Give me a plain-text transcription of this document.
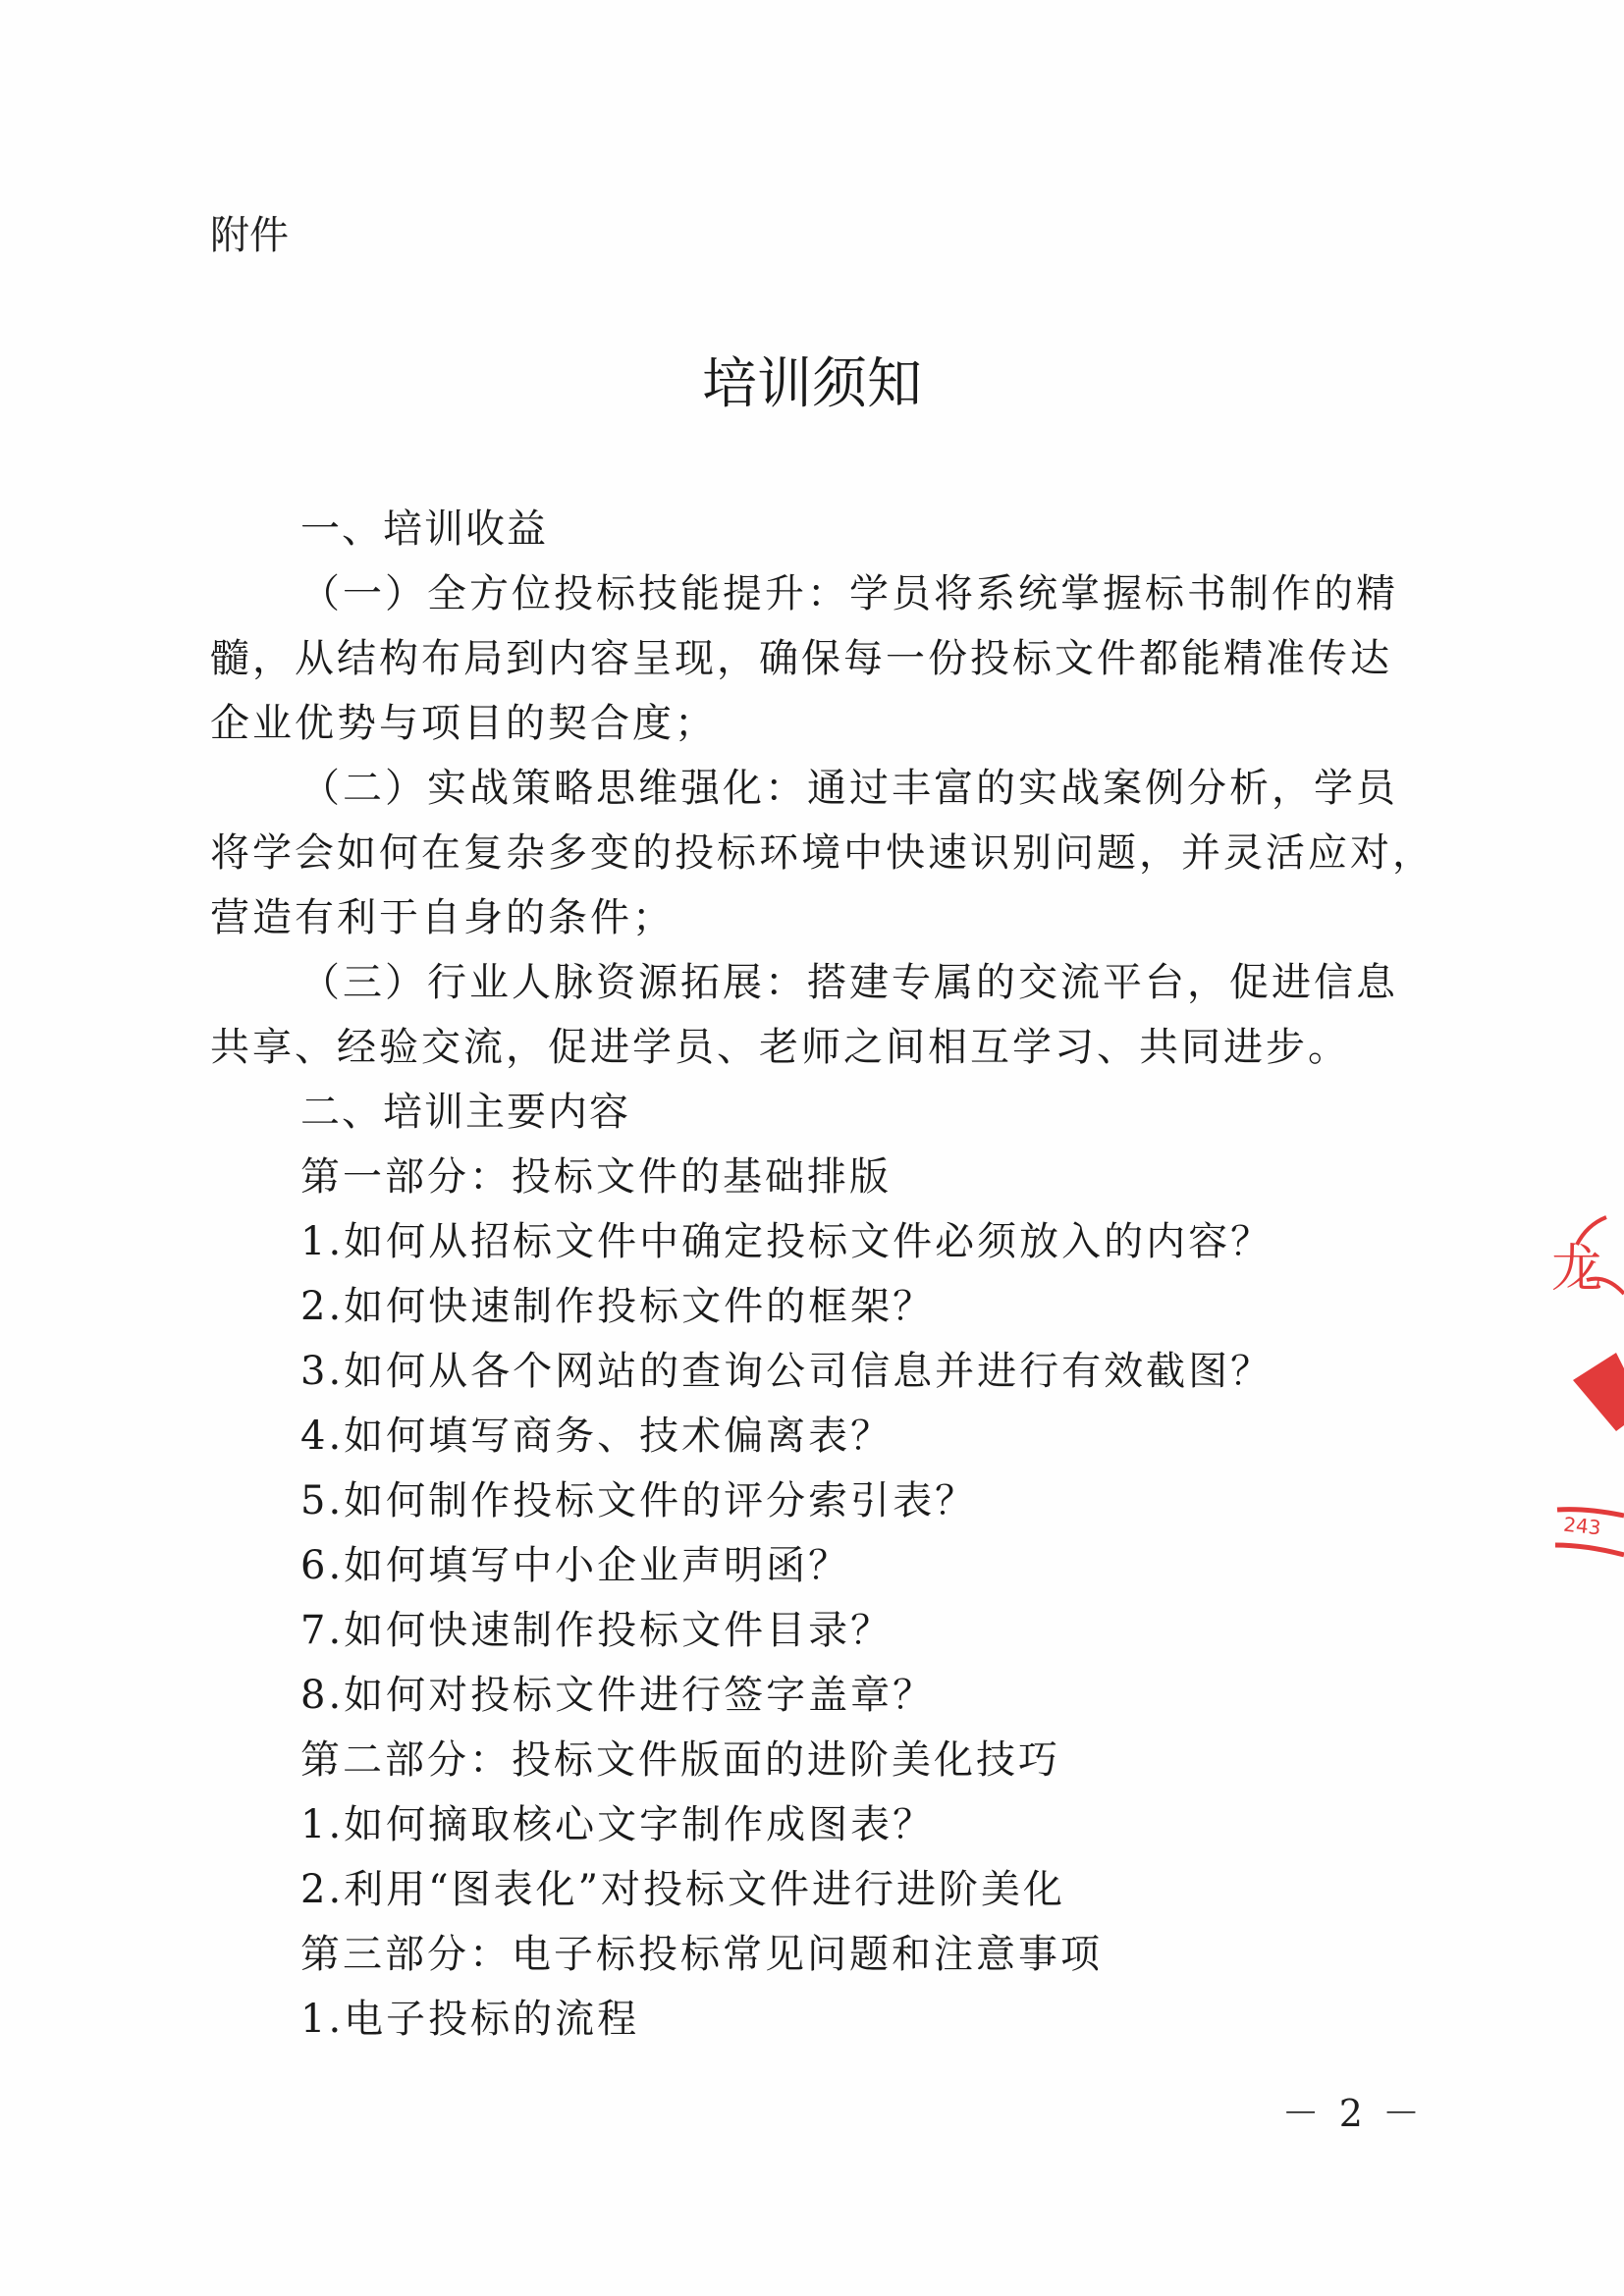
附件
培训须知
一、培训收益
（一）全方位投标技能提升：学员将系统掌握标书制作的精
髓，从结构布局到内容呈现，确保每一份投标文件都能精准传达
企业优势与项目的契合度；
（二）实战策略思维强化：通过丰富的实战案例分析，学员
将学会如何在复杂多变的投标环境中快速识别问题，并灵活应对，
营造有利于自身的条件；
（三）行业人脉资源拓展：搭建专属的交流平台，促进信息
共享、经验交流，促进学员、老师之间相互学习、共同进步。
二、培训主要内容
第一部分：投标文件的基础排版
1.如何从招标文件中确定投标文件必须放入的内容？
2.如何快速制作投标文件的框架？
3.如何从各个网站的查询公司信息并进行有效截图？
4.如何填写商务、技术偏离表？
5.如何制作投标文件的评分索引表？
6.如何填写中小企业声明函？
7.如何快速制作投标文件目录？
8.如何对投标文件进行签字盖章？
第二部分：投标文件版面的进阶美化技巧
1.如何摘取核心文字制作成图表？
2.利用“图表化”对投标文件进行进阶美化
第三部分：电子标投标常见问题和注意事项
1.电子投标的流程
龙
243
－ 2 －
